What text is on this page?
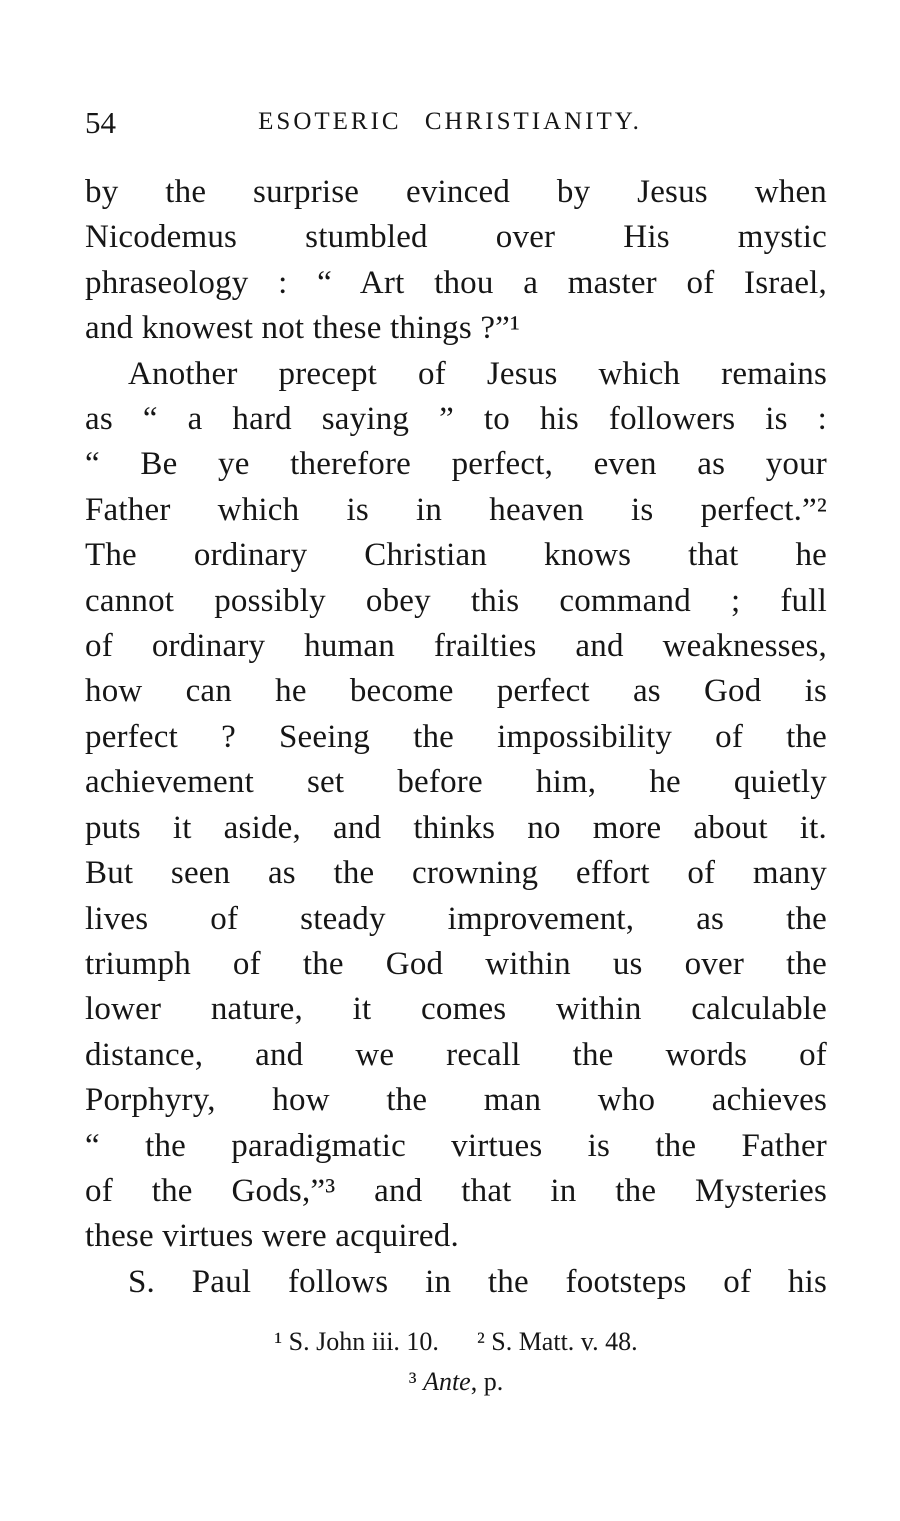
54	ESOTERIC CHRISTIANITY.
by the surprise evinced by Jesus when
Nicodemus stumbled over His mystic
phraseology : “ Art thou a master of Israel,
and knowest not these things ?”¹
Another precept of Jesus which remains
as “ a hard saying ” to his followers is :
“ Be ye therefore perfect, even as your
Father which is in heaven is perfect.”²
The ordinary Christian knows that he
cannot possibly obey this command ; full
of ordinary human frailties and weaknesses,
how can he become perfect as God is
perfect ? Seeing the impossibility of the
achievement set before him, he quietly
puts it aside, and thinks no more about it.
But seen as the crowning effort of many
lives of steady improvement, as the
triumph of the God within us over the
lower nature, it comes within calculable
distance, and we recall the words of
Porphyry, how the man who achieves
“ the paradigmatic virtues is the Father
of the Gods,”³ and that in the Mysteries
these virtues were acquired.
S. Paul follows in the footsteps of his
¹ S. John iii. 10. ² S. Matt. v. 48.
³ Ante, p.
